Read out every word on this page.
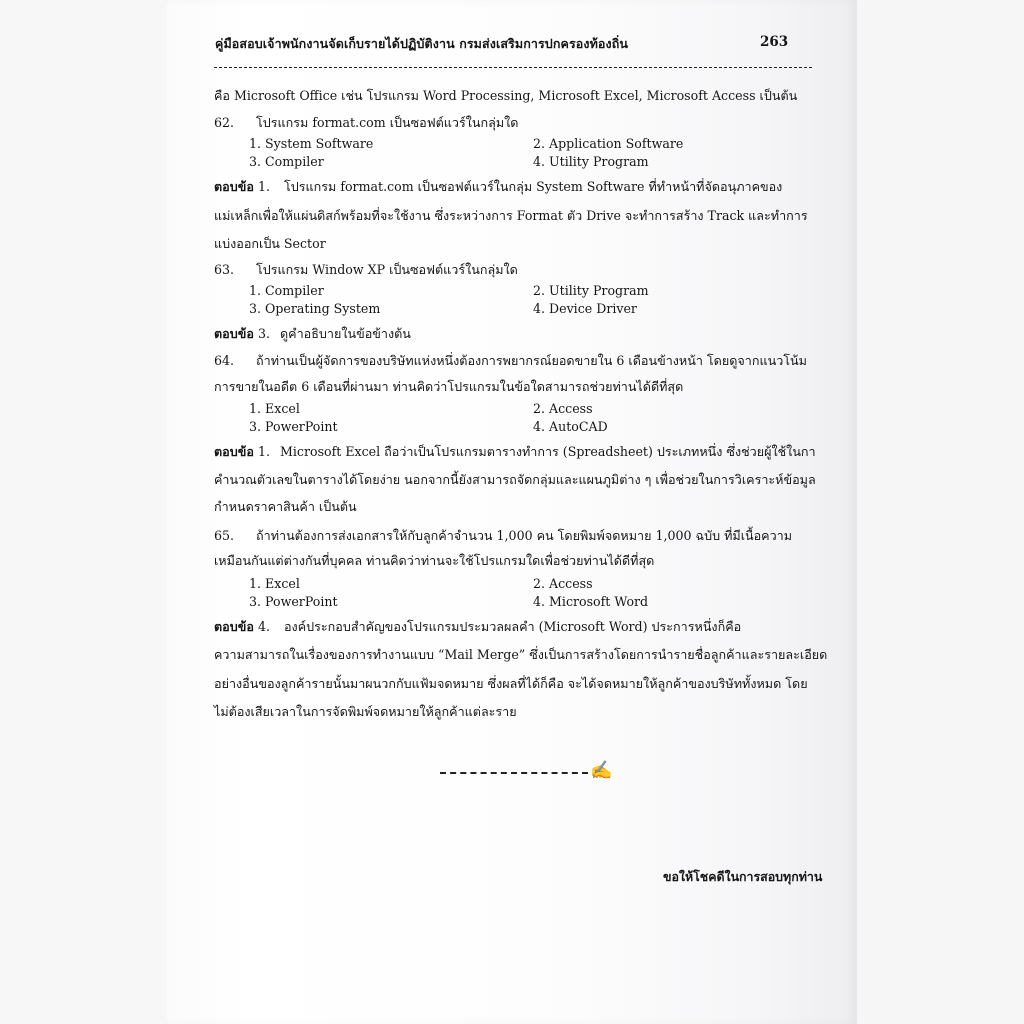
คู่มือสอบเจ้าพนักงานจัดเก็บรายได้ปฏิบัติงาน กรมส่งเสริมการปกครองท้องถิ่น	263
คือ Microsoft Office เช่น โปรแกรม Word Processing, Microsoft Excel, Microsoft Access เป็นต้น
62. โปรแกรม format.com เป็นซอฟต์แวร์ในกลุ่มใด
1. System Software	2. Application Software
3. Compiler	4. Utility Program
ตอบข้อ 1. โปรแกรม format.com เป็นซอฟต์แวร์ในกลุ่ม System Software ที่ทำหน้าที่จัดอนุภาคของ
แม่เหล็กเพื่อให้แผ่นดิสก์พร้อมที่จะใช้งาน ซึ่งระหว่างการ Format ตัว Drive จะทำการสร้าง Track และทำการ
แบ่งออกเป็น Sector
63. โปรแกรม Window XP เป็นซอฟต์แวร์ในกลุ่มใด
1. Compiler	2. Utility Program
3. Operating System	4. Device Driver
ตอบข้อ 3. ดูคำอธิบายในข้อข้างต้น
64. ถ้าท่านเป็นผู้จัดการของบริษัทแห่งหนึ่งต้องการพยากรณ์ยอดขายใน 6 เดือนข้างหน้า โดยดูจากแนวโน้ม
การขายในอดีต 6 เดือนที่ผ่านมา ท่านคิดว่าโปรแกรมในข้อใดสามารถช่วยท่านได้ดีที่สุด
1. Excel	2. Access
3. PowerPoint	4. AutoCAD
ตอบข้อ 1. Microsoft Excel ถือว่าเป็นโปรแกรมตารางทำการ (Spreadsheet) ประเภทหนึ่ง ซึ่งช่วยผู้ใช้ในกา
คำนวณตัวเลขในตารางได้โดยง่าย นอกจากนี้ยังสามารถจัดกลุ่มและแผนภูมิต่าง ๆ เพื่อช่วยในการวิเคราะห์ข้อมูล
กำหนดราคาสินค้า เป็นต้น
65. ถ้าท่านต้องการส่งเอกสารให้กับลูกค้าจำนวน 1,000 คน โดยพิมพ์จดหมาย 1,000 ฉบับ ที่มีเนื้อความ
เหมือนกันแต่ต่างกันที่บุคคล ท่านคิดว่าท่านจะใช้โปรแกรมใดเพื่อช่วยท่านได้ดีที่สุด
1. Excel	2. Access
3. PowerPoint	4. Microsoft Word
ตอบข้อ 4. องค์ประกอบสำคัญของโปรแกรมประมวลผลคำ (Microsoft Word) ประการหนึ่งก็คือ
ความสามารถในเรื่องของการทำงานแบบ “Mail Merge” ซึ่งเป็นการสร้างโดยการนำรายชื่อลูกค้าและรายละเอียด
อย่างอื่นของลูกค้ารายนั้นมาผนวกกับแฟ้มจดหมาย ซึ่งผลที่ได้ก็คือ จะได้จดหมายให้ลูกค้าของบริษัททั้งหมด โดย
ไม่ต้องเสียเวลาในการจัดพิมพ์จดหมายให้ลูกค้าแต่ละราย
✍
ขอให้โชคดีในการสอบทุกท่าน
